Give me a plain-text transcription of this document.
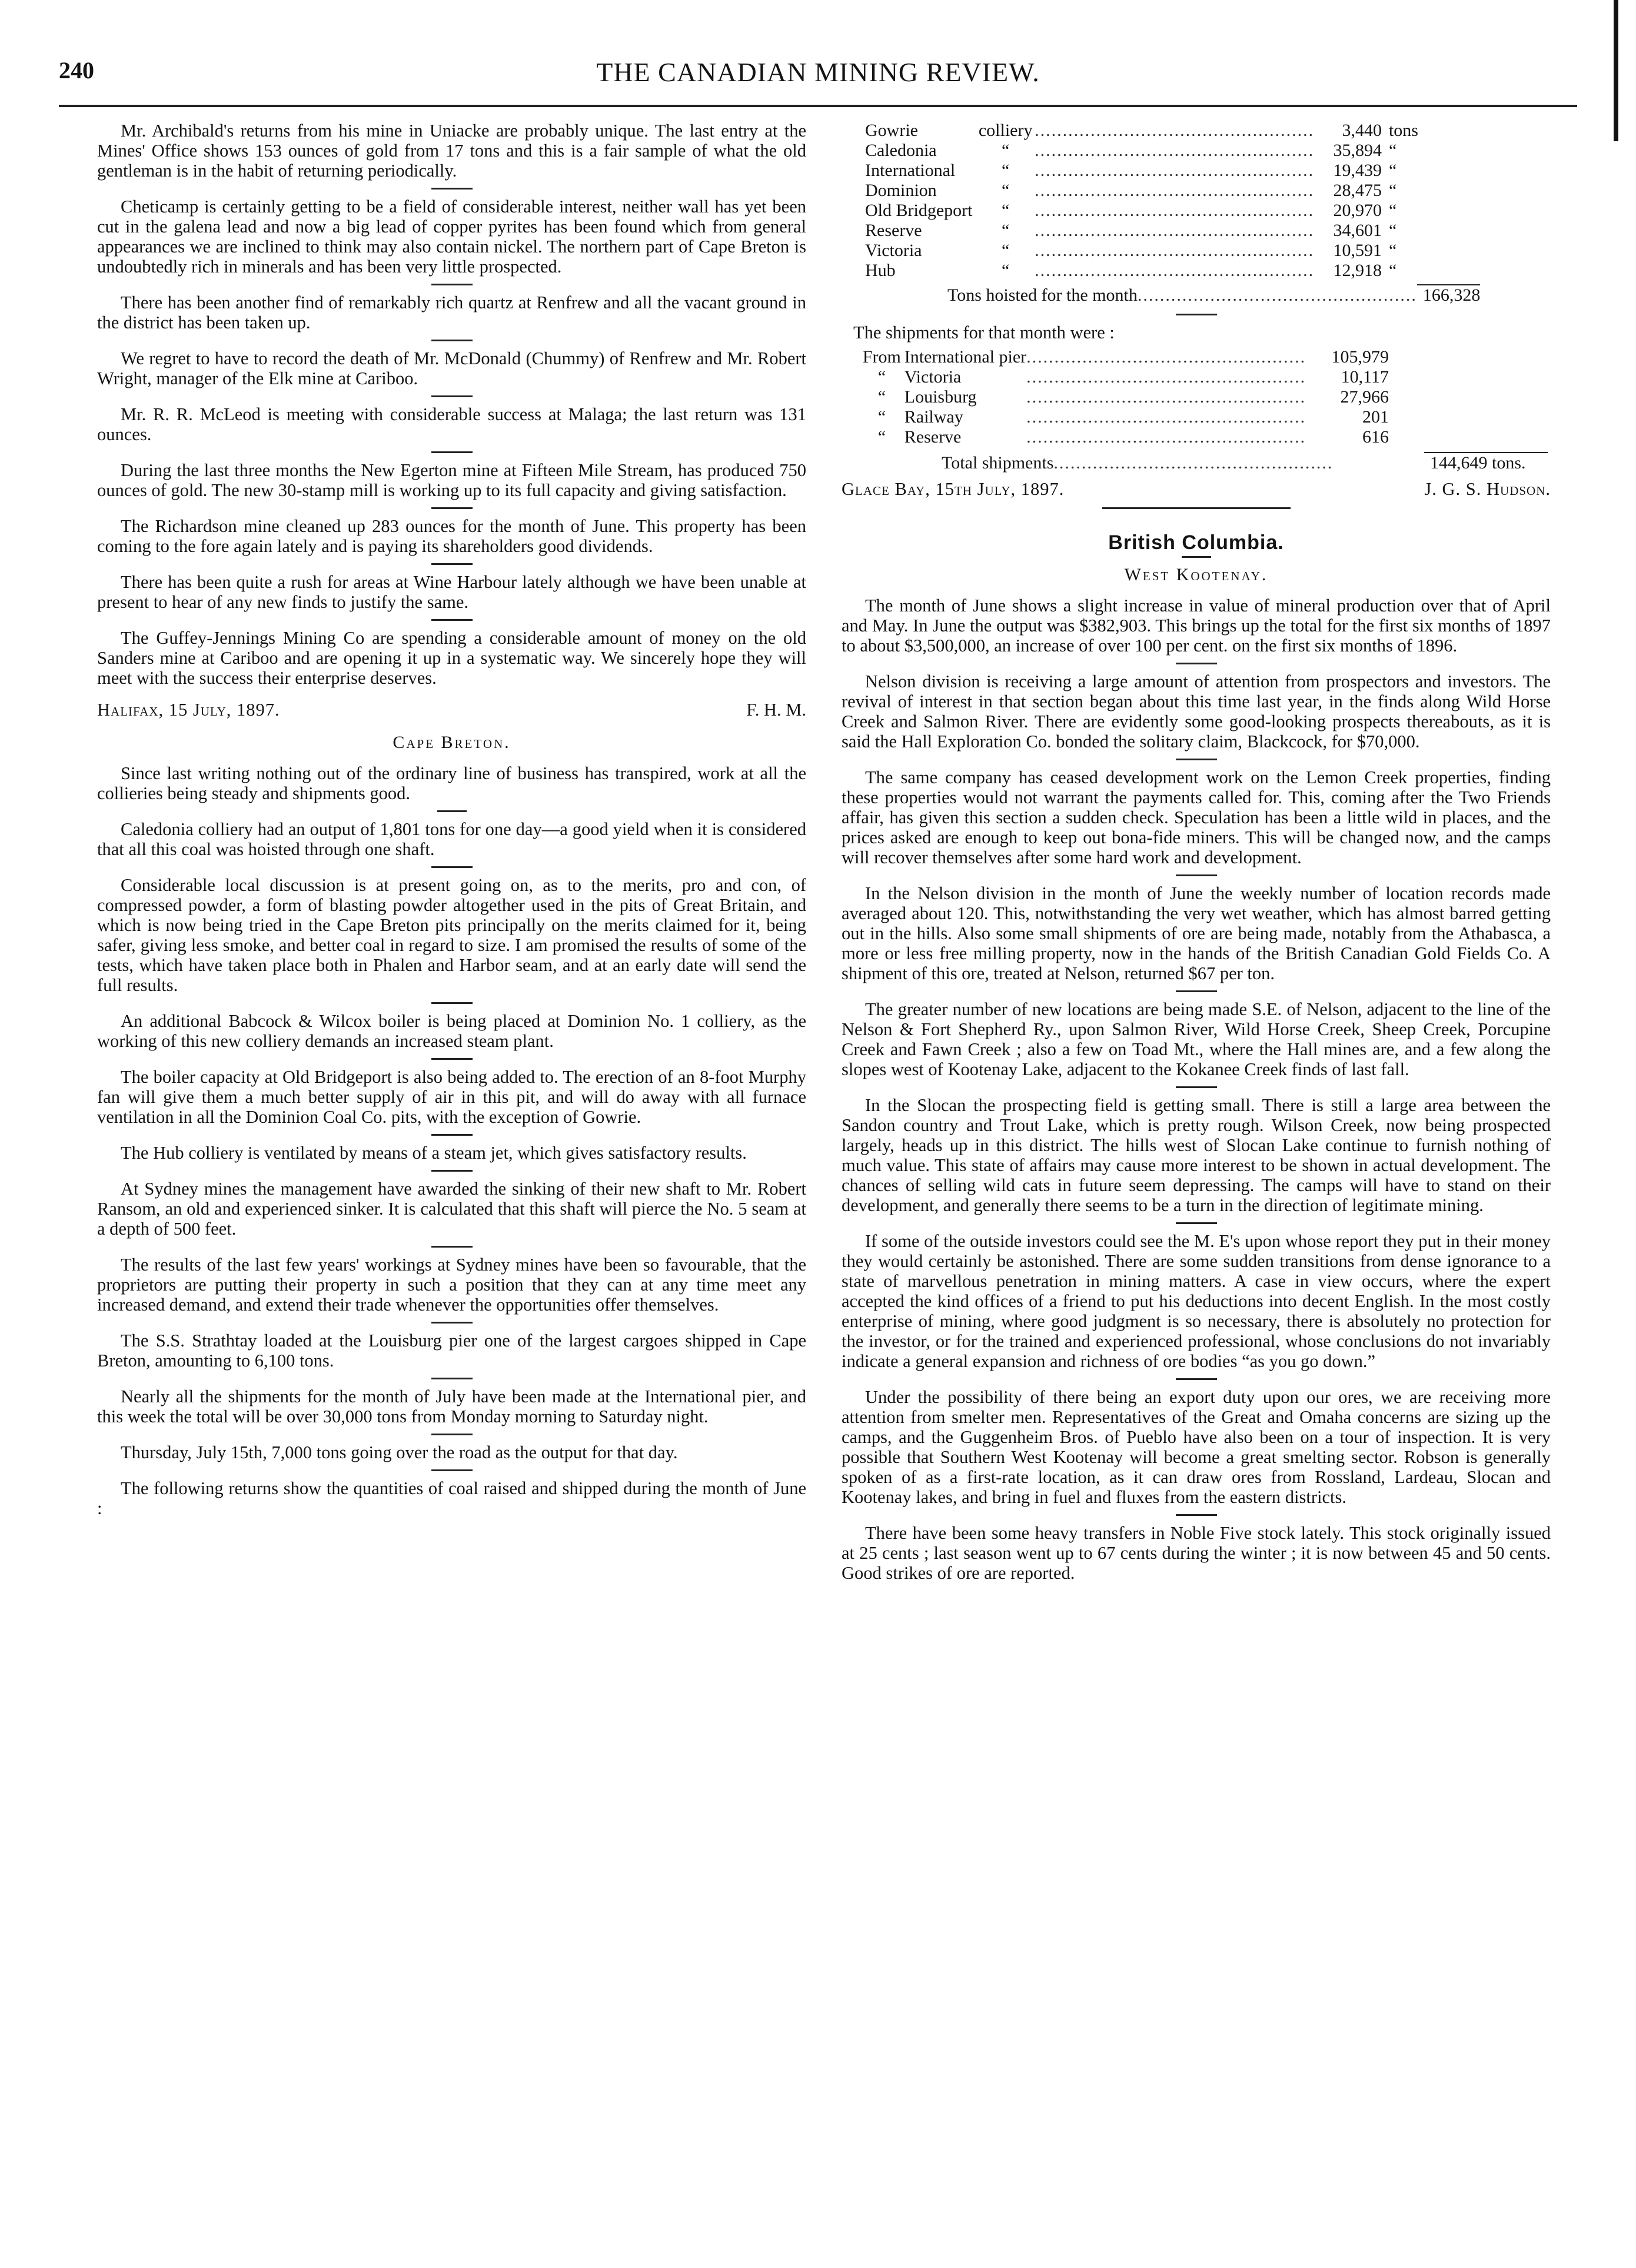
240	THE CANADIAN MINING REVIEW.

Mr. Archibald's returns from his mine in Uniacke are probably unique. The last entry at the Mines' Office shows 153 ounces of gold from 17 tons and this is a fair sample of what the old gentleman is in the habit of returning periodically.

Cheticamp is certainly getting to be a field of considerable interest, neither wall has yet been cut in the galena lead and now a big lead of copper pyrites has been found which from general appearances we are inclined to think may also contain nickel. The northern part of Cape Breton is undoubtedly rich in minerals and has been very little prospected.

There has been another find of remarkably rich quartz at Renfrew and all the vacant ground in the district has been taken up.

We regret to have to record the death of Mr. McDonald (Chummy) of Renfrew and Mr. Robert Wright, manager of the Elk mine at Cariboo.

Mr. R. R. McLeod is meeting with considerable success at Malaga; the last return was 131 ounces.

During the last three months the New Egerton mine at Fifteen Mile Stream, has produced 750 ounces of gold. The new 30-stamp mill is working up to its full capacity and giving satisfaction.

The Richardson mine cleaned up 283 ounces for the month of June. This property has been coming to the fore again lately and is paying its shareholders good dividends.

There has been quite a rush for areas at Wine Harbour lately although we have been unable at present to hear of any new finds to justify the same.

The Guffey-Jennings Mining Co are spending a considerable amount of money on the old Sanders mine at Cariboo and are opening it up in a systematic way. We sincerely hope they will meet with the success their enterprise deserves.

Halifax, 15 July, 1897.	F. H. M.
Cape Breton.

Since last writing nothing out of the ordinary line of business has transpired, work at all the collieries being steady and shipments good.

Caledonia colliery had an output of 1,801 tons for one day—a good yield when it is considered that all this coal was hoisted through one shaft.

Considerable local discussion is at present going on, as to the merits, pro and con, of compressed powder, a form of blasting powder altogether used in the pits of Great Britain, and which is now being tried in the Cape Breton pits principally on the merits claimed for it, being safer, giving less smoke, and better coal in regard to size. I am promised the results of some of the tests, which have taken place both in Phalen and Harbor seam, and at an early date will send the full results.

An additional Babcock & Wilcox boiler is being placed at Dominion No. 1 colliery, as the working of this new colliery demands an increased steam plant.

The boiler capacity at Old Bridgeport is also being added to. The erection of an 8-foot Murphy fan will give them a much better supply of air in this pit, and will do away with all furnace ventilation in all the Dominion Coal Co. pits, with the exception of Gowrie.

The Hub colliery is ventilated by means of a steam jet, which gives satisfactory results.

At Sydney mines the management have awarded the sinking of their new shaft to Mr. Robert Ransom, an old and experienced sinker. It is calculated that this shaft will pierce the No. 5 seam at a depth of 500 feet.

The results of the last few years' workings at Sydney mines have been so favourable, that the proprietors are putting their property in such a position that they can at any time meet any increased demand, and extend their trade whenever the opportunities offer themselves.

The S.S. Strathtay loaded at the Louisburg pier one of the largest cargoes shipped in Cape Breton, amounting to 6,100 tons.

Nearly all the shipments for the month of July have been made at the International pier, and this week the total will be over 30,000 tons from Monday morning to Saturday night.

Thursday, July 15th, 7,000 tons going over the road as the output for that day.

The following returns show the quantities of coal raised and shipped during the month of June :

Gowrie	colliery	..................................................	3,440	tons
Caledonia	“	..................................................	35,894	“
International	“	..................................................	19,439	“
Dominion	“	..................................................	28,475	“
Old Bridgeport	“	..................................................	20,970	“
Reserve	“	..................................................	34,601	“
Victoria	“	..................................................	10,591	“
Hub	“	..................................................	12,918	“
Tons hoisted for the month	..................................................	166,328	

The shipments for that month were :

From	International pier	..................................................	105,979
“	Victoria	..................................................	10,117
“	Louisburg	..................................................	27,966
“	Railway	..................................................	201
“	Reserve	..................................................	616
Total shipments	..................................................	144,649 tons.
Glace Bay, 15th July, 1897.	J. G. S. Hudson.
British Columbia.
West Kootenay.

The month of June shows a slight increase in value of mineral production over that of April and May. In June the output was $382,903. This brings up the total for the first six months of 1897 to about $3,500,000, an increase of over 100 per cent. on the first six months of 1896.

Nelson division is receiving a large amount of attention from prospectors and investors. The revival of interest in that section began about this time last year, in the finds along Wild Horse Creek and Salmon River. There are evidently some good-looking prospects thereabouts, as it is said the Hall Exploration Co. bonded the solitary claim, Blackcock, for $70,000.

The same company has ceased development work on the Lemon Creek properties, finding these properties would not warrant the payments called for. This, coming after the Two Friends affair, has given this section a sudden check. Speculation has been a little wild in places, and the prices asked are enough to keep out bona-fide miners. This will be changed now, and the camps will recover themselves after some hard work and development.

In the Nelson division in the month of June the weekly number of location records made averaged about 120. This, notwithstanding the very wet weather, which has almost barred getting out in the hills. Also some small shipments of ore are being made, notably from the Athabasca, a more or less free milling property, now in the hands of the British Canadian Gold Fields Co. A shipment of this ore, treated at Nelson, returned $67 per ton.

The greater number of new locations are being made S.E. of Nelson, adjacent to the line of the Nelson & Fort Shepherd Ry., upon Salmon River, Wild Horse Creek, Sheep Creek, Porcupine Creek and Fawn Creek ; also a few on Toad Mt., where the Hall mines are, and a few along the slopes west of Kootenay Lake, adjacent to the Kokanee Creek finds of last fall.

In the Slocan the prospecting field is getting small. There is still a large area between the Sandon country and Trout Lake, which is pretty rough. Wilson Creek, now being prospected largely, heads up in this district. The hills west of Slocan Lake continue to furnish nothing of much value. This state of affairs may cause more interest to be shown in actual development. The chances of selling wild cats in future seem depressing. The camps will have to stand on their development, and generally there seems to be a turn in the direction of legitimate mining.

If some of the outside investors could see the M. E's upon whose report they put in their money they would certainly be astonished. There are some sudden transitions from dense ignorance to a state of marvellous penetration in mining matters. A case in view occurs, where the expert accepted the kind offices of a friend to put his deductions into decent English. In the most costly enterprise of mining, where good judgment is so necessary, there is absolutely no protection for the investor, or for the trained and experienced professional, whose conclusions do not invariably indicate a general expansion and richness of ore bodies “as you go down.”

Under the possibility of there being an export duty upon our ores, we are receiving more attention from smelter men. Representatives of the Great and Omaha concerns are sizing up the camps, and the Guggenheim Bros. of Pueblo have also been on a tour of inspection. It is very possible that Southern West Kootenay will become a great smelting sector. Robson is generally spoken of as a first-rate location, as it can draw ores from Rossland, Lardeau, Slocan and Kootenay lakes, and bring in fuel and fluxes from the eastern districts.

There have been some heavy transfers in Noble Five stock lately. This stock originally issued at 25 cents ; last season went up to 67 cents during the winter ; it is now between 45 and 50 cents. Good strikes of ore are reported.
